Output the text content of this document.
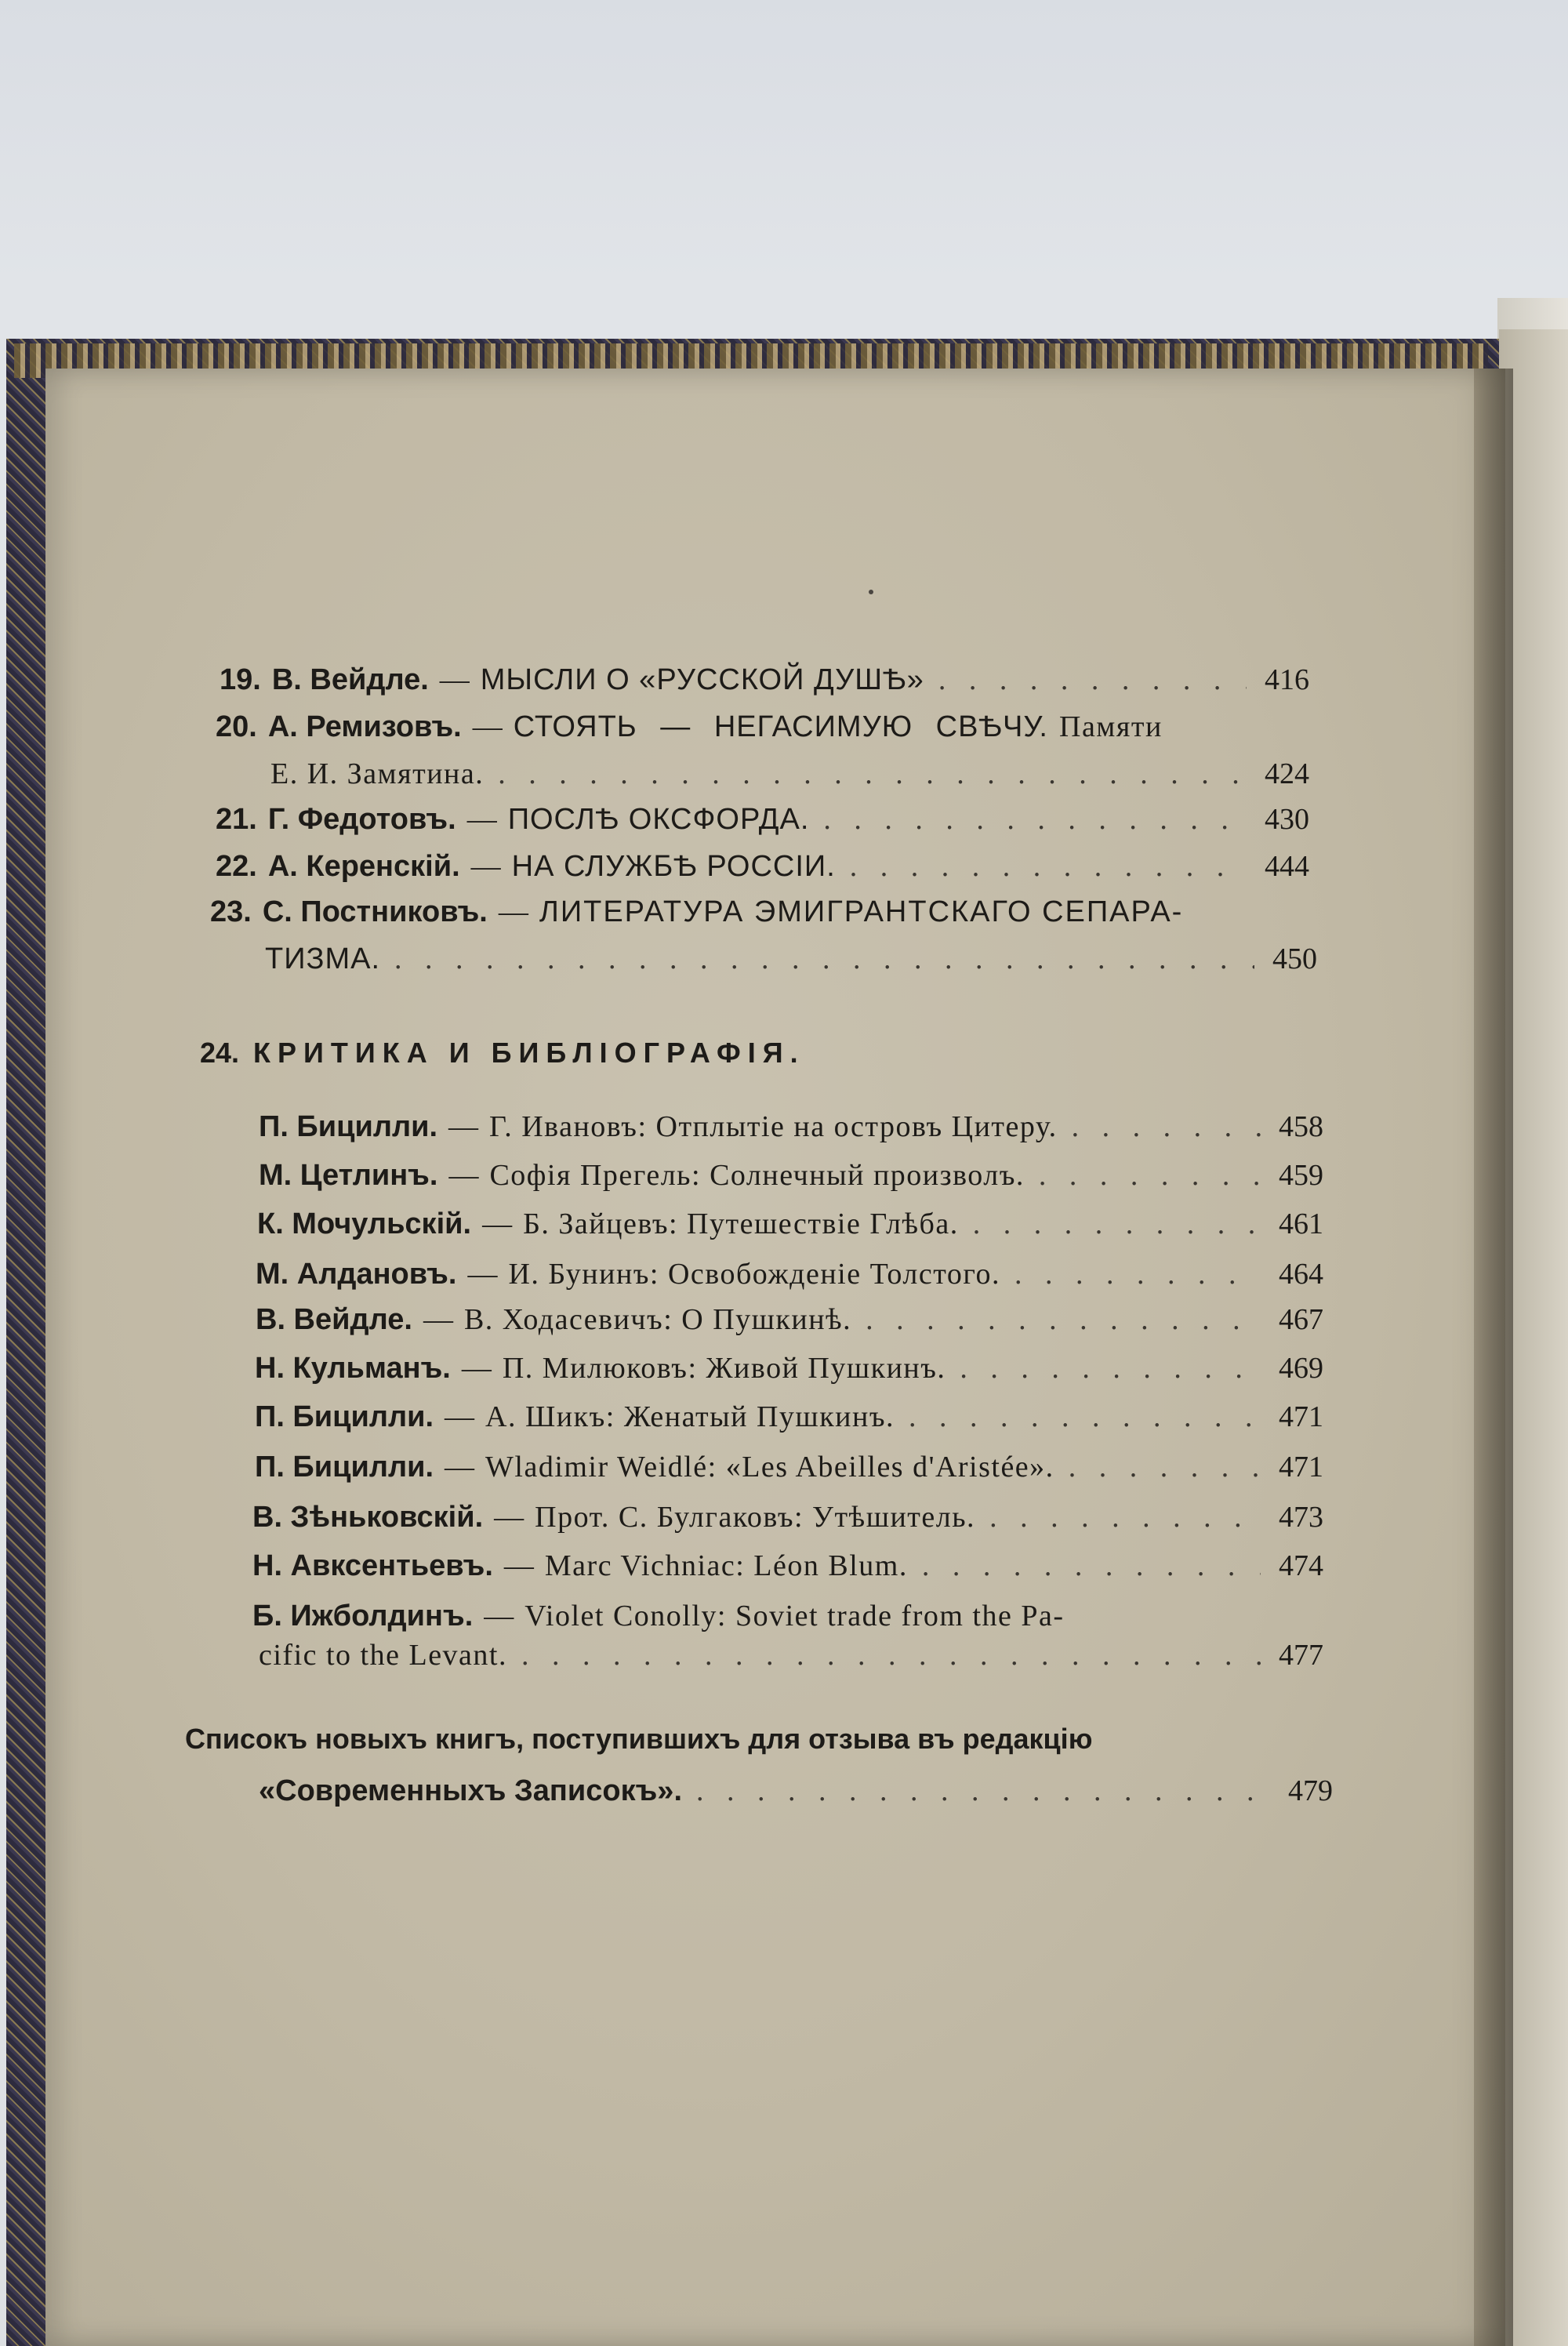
19. В. Вейдле. — МЫСЛИ О «РУССКОЙ ДУШѢ» . . .	416
20. А. Ремизовъ. — СТОЯТЬ — НЕГАСИМУЮ СВѢЧУ. Памяти
Е. И. Замятина. . . .	424
21. Г. Федотовъ. — ПОСЛѢ ОКСФОРДА. . . .	430
22. А. Керенскiй. — НА СЛУЖБѢ РОССIИ. . . .	444
23. С. Постниковъ. — ЛИТЕРАТУРА ЭМИГРАНТСКАГО СЕПАРА-
ТИЗМА. . . .	450
24. КРИТИКА И БИБЛIОГРАФIЯ.
П. Бицилли. — Г. Ивановъ: Отплытiе на островъ Цитеру. . . .	458
М. Цетлинъ. — Софiя Прегель: Солнечный произволъ. . . .	459
К. Мочульскiй. — Б. Зайцевъ: Путешествiе Глѣба. . . .	461
М. Алдановъ. — И. Бунинъ: Освобожденiе Толстого. . . .	464
В. Вейдле. — В. Ходасевичъ: О Пушкинѣ. . . .	467
Н. Кульманъ. — П. Милюковъ: Живой Пушкинъ. . . .	469
П. Бицилли. — А. Шикъ: Женатый Пушкинъ. . . .	471
П. Бицилли. — Wladimir Weidlé: «Les Abeilles d'Aristée». . . .	471
В. Зѣньковскiй. — Прот. С. Булгаковъ: Утѣшитель. . . .	473
Н. Авксентьевъ. — Marc Vichniac: Léon Blum. . . .	474
Б. Ижболдинъ. — Violet Conolly: Soviet trade from the Pa-
cific to the Levant. . . .	477
Списокъ новыхъ книгъ, поступившихъ для отзыва въ редакцiю
«Современныхъ Записокъ». . . .	479
